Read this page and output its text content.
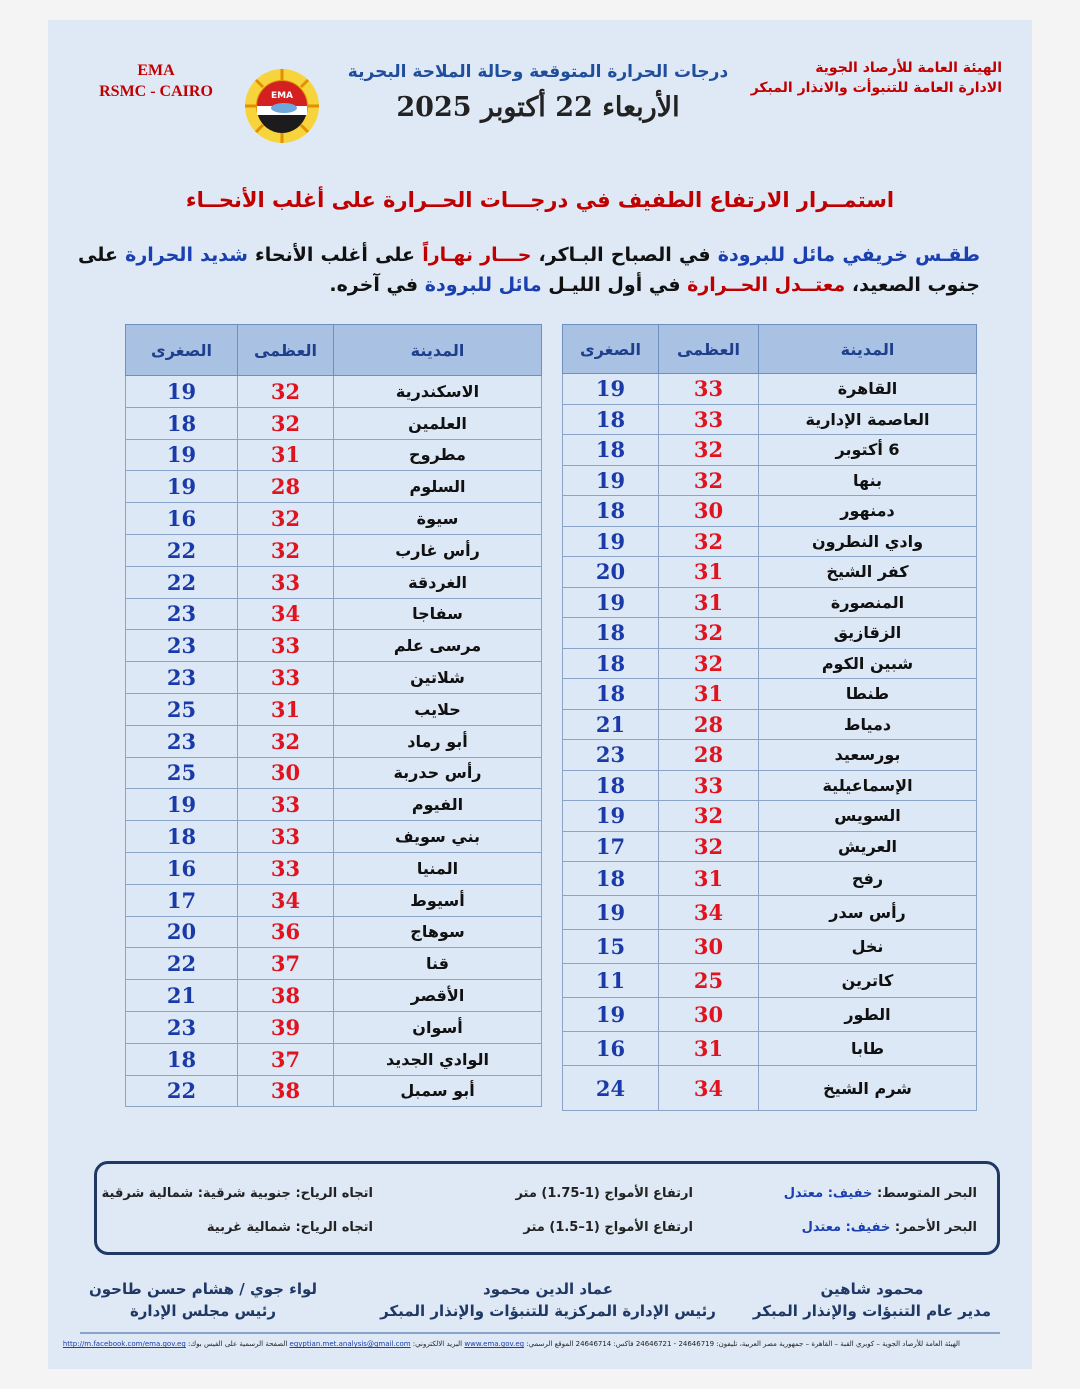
الهيئة العامة للأرصاد الجوية
الادارة العامة للتنبوأت والانذار المبكر
EMA
RSMC - CAIRO	EMA
درجات الحرارة المتوقعة وحالة الملاحة البحرية
الأربعاء 22 أكتوبر 2025
استمــرار الارتفاع الطفيف في درجـــات الحــرارة على أغلب الأنحــاء
طقـس خريفي مائل للبرودة في الصباح البـاكر، حـــار نهـاراً على أغلب الأنحاء شديد الحرارة على جنوب الصعيد، معتــدل الحــرارة في أول الليـل مائل للبرودة في آخره.
المدينة	العظمى	الصغرى
القاهرة	33	19
العاصمة الإدارية	33	18
6 أكتوبر	32	18
بنها	32	19
دمنهور	30	18
وادي النطرون	32	19
كفر الشيخ	31	20
المنصورة	31	19
الزقازيق	32	18
شبين الكوم	32	18
طنطا	31	18
دمياط	28	21
بورسعيد	28	23
الإسماعيلية	33	18
السويس	32	19
العريش	32	17
رفح	31	18
رأس سدر	34	19
نخل	30	15
كاترين	25	11
الطور	30	19
طابا	31	16
شرم الشيخ	34	24
المدينة	العظمى	الصغرى
الاسكندرية	32	19
العلمين	32	18
مطروح	31	19
السلوم	28	19
سيوة	32	16
رأس غارب	32	22
الغردقة	33	22
سفاجا	34	23
مرسى علم	33	23
شلاتين	33	23
حلايب	31	25
أبو رماد	32	23
رأس حدربة	30	25
الفيوم	33	19
بني سويف	33	18
المنيا	33	16
أسيوط	34	17
سوهاج	36	20
قنا	37	22
الأقصر	38	21
أسوان	39	23
الوادي الجديد	37	18
أبو سمبل	38	22
البحر المتوسط: خفيف: معتدل
ارتفاع الأمواج (1-1.75) متر
اتجاه الرياح: جنوبية شرقية: شمالية شرقية
البحر الأحمر: خفيف: معتدل
ارتفاع الأمواج (1–1.5) متر
اتجاه الرياح: شمالية غربية
محمود شاهين
مدير عام التنبؤات والإنذار المبكر
عماد الدين محمود
رئيس الإدارة المركزية للتنبؤات والإنذار المبكر
لواء جوي / هشام حسن طاحون
رئيس مجلس الإدارة
الهيئة العامة للأرصاد الجوية – كوبري القبة – القاهرة – جمهورية مصر العربية، تليفون: 24646719 - 24646721 فاكس: 24646714 الموقع الرسمي: www.ema.gov.eg البريد الالكتروني: egyptian.met.analysis@gmail.com الصفحة الرسمية على الفيس بوك: http://m.facebook.com/ema.gov.eg
